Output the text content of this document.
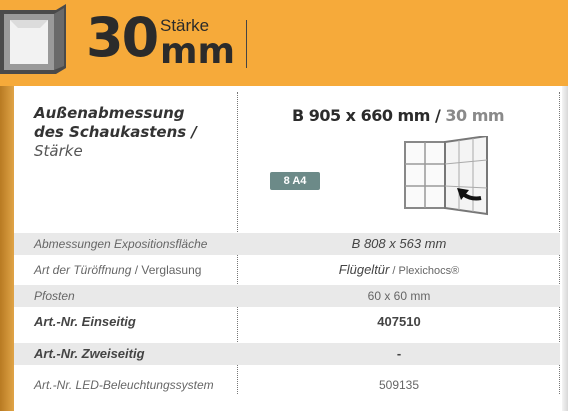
30 Stärke
mm
Außenabmessung
des Schaukastens /
Stärke
B 905 x 660 mm / 30 mm
8 A4
Abmessungen Expositionsfläche	B 808 x 563 mm
Art der Türöffnung / Verglasung	Flügeltür / Plexichocs®
Pfosten	60 x 60 mm
Art.-Nr. Einseitig	407510
Art.-Nr. Zweiseitig	-
Art.-Nr. LED-Beleuchtungssystem	509135
